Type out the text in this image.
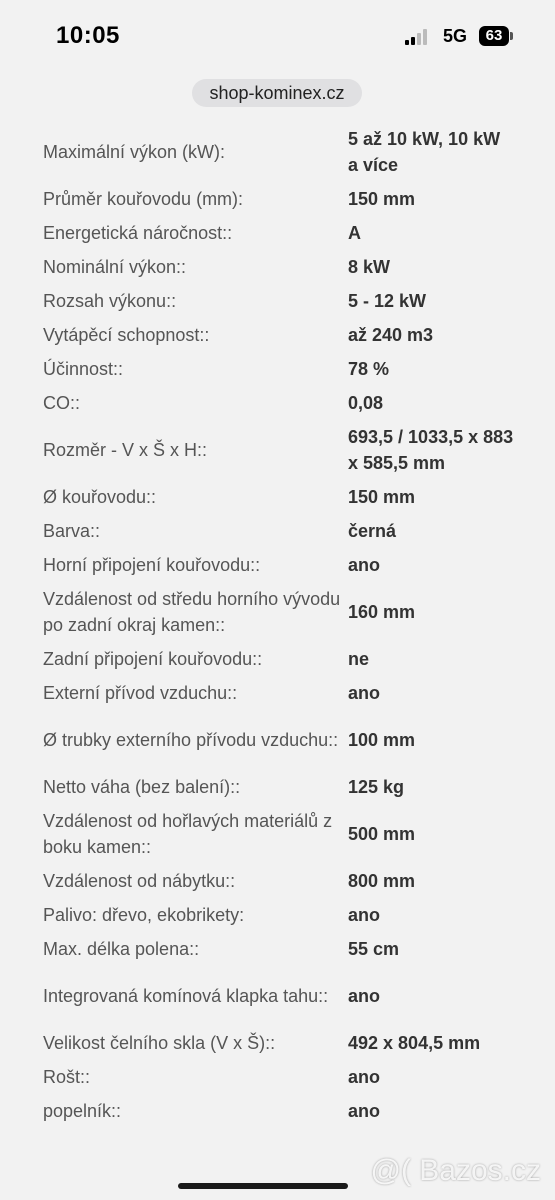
10:05	5G	63
shop-kominex.cz
Maximální výkon (kW):
5 až 10 kW, 10 kW a více
Průměr kouřovodu (mm):	150 mm
Energetická náročnost::	A
Nominální výkon::	8 kW
Rozsah výkonu::	5 - 12 kW
Vytápěcí schopnost::	až 240 m3
Účinnost::	78 %
CO::	0,08
Rozměr - V x Š x H::
693,5 / 1033,5 x 883 x 585,5 mm
Ø kouřovodu::	150 mm
Barva::	černá
Horní připojení kouřovodu::	ano
Vzdálenost od středu horního vývodu po zadní okraj kamen::
160 mm
Zadní připojení kouřovodu::	ne
Externí přívod vzduchu::	ano
Ø trubky externího přívodu vzduchu:: 100 mm
Netto váha (bez balení)::	125 kg
Vzdálenost od hořlavých materiálů z boku kamen::
500 mm
Vzdálenost od nábytku::	800 mm
Palivo: dřevo, ekobrikety:	ano
Max. délka polena::	55 cm
Integrovaná komínová klapka tahu::	ano
Velikost čelního skla (V x Š)::	492 x 804,5 mm
Rošt::	ano
popelník::	ano
@( Bazos.cz
